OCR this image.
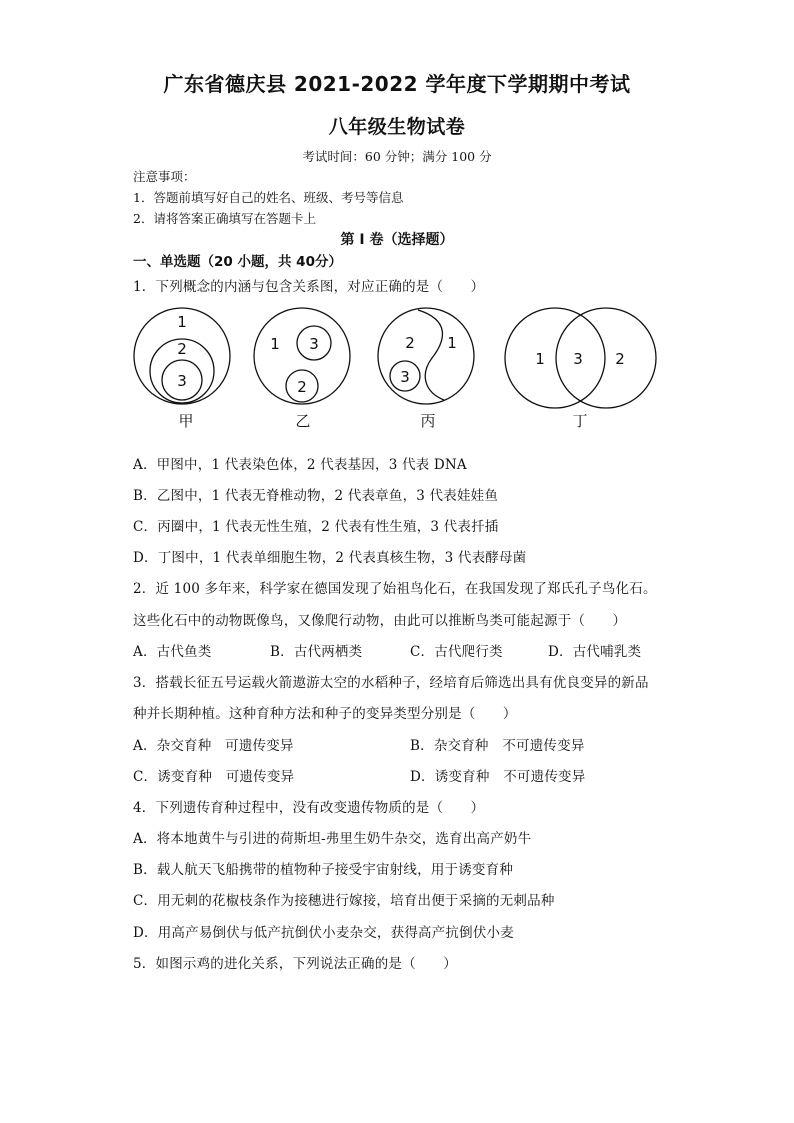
广东省德庆县 2021-2022 学年度下学期期中考试
八年级生物试卷
考试时间：60 分钟；满分 100 分
注意事项：
1．答题前填写好自己的姓名、班级、考号等信息
2．请将答案正确填写在答题卡上
第 I 卷（选择题）
一、单选题（20 小题，共 40分）
1．下列概念的内涵与包含关系图，对应正确的是（　　）
1
2
3
1 3
2
2 1
3
1 3 2
甲	乙	丙	丁
A．甲图中，1 代表染色体，2 代表基因，3 代表 DNA
B．乙图中，1 代表无脊椎动物，2 代表章鱼，3 代表娃娃鱼
C．丙圈中，1 代表无性生殖，2 代表有性生殖，3 代表扦插
D．丁图中，1 代表单细胞生物，2 代表真核生物，3 代表酵母菌
2．近 100 多年来，科学家在德国发现了始祖鸟化石，在我国发现了郑氏孔子鸟化石。
这些化石中的动物既像鸟，又像爬行动物，由此可以推断鸟类可能起源于（　　）
A．古代鱼类	B．古代两栖类	C．古代爬行类	D．古代哺乳类
3．搭载长征五号运载火箭遨游太空的水稻种子，经培育后筛选出具有优良变异的新品
种并长期种植。这种育种方法和种子的变异类型分别是（　　）
A．杂交育种　可遗传变异	B．杂交育种　不可遗传变异
C．诱变育种　可遗传变异	D．诱变育种　不可遗传变异
4．下列遗传育种过程中，没有改变遗传物质的是（　　）
A．将本地黄牛与引进的荷斯坦-弗里生奶牛杂交，选育出高产奶牛
B．载人航天飞船携带的植物种子接受宇宙射线，用于诱变育种
C．用无刺的花椒枝条作为接穗进行嫁接，培育出便于采摘的无刺品种
D．用高产易倒伏与低产抗倒伏小麦杂交，获得高产抗倒伏小麦
5．如图示鸡的进化关系，下列说法正确的是（　　）
